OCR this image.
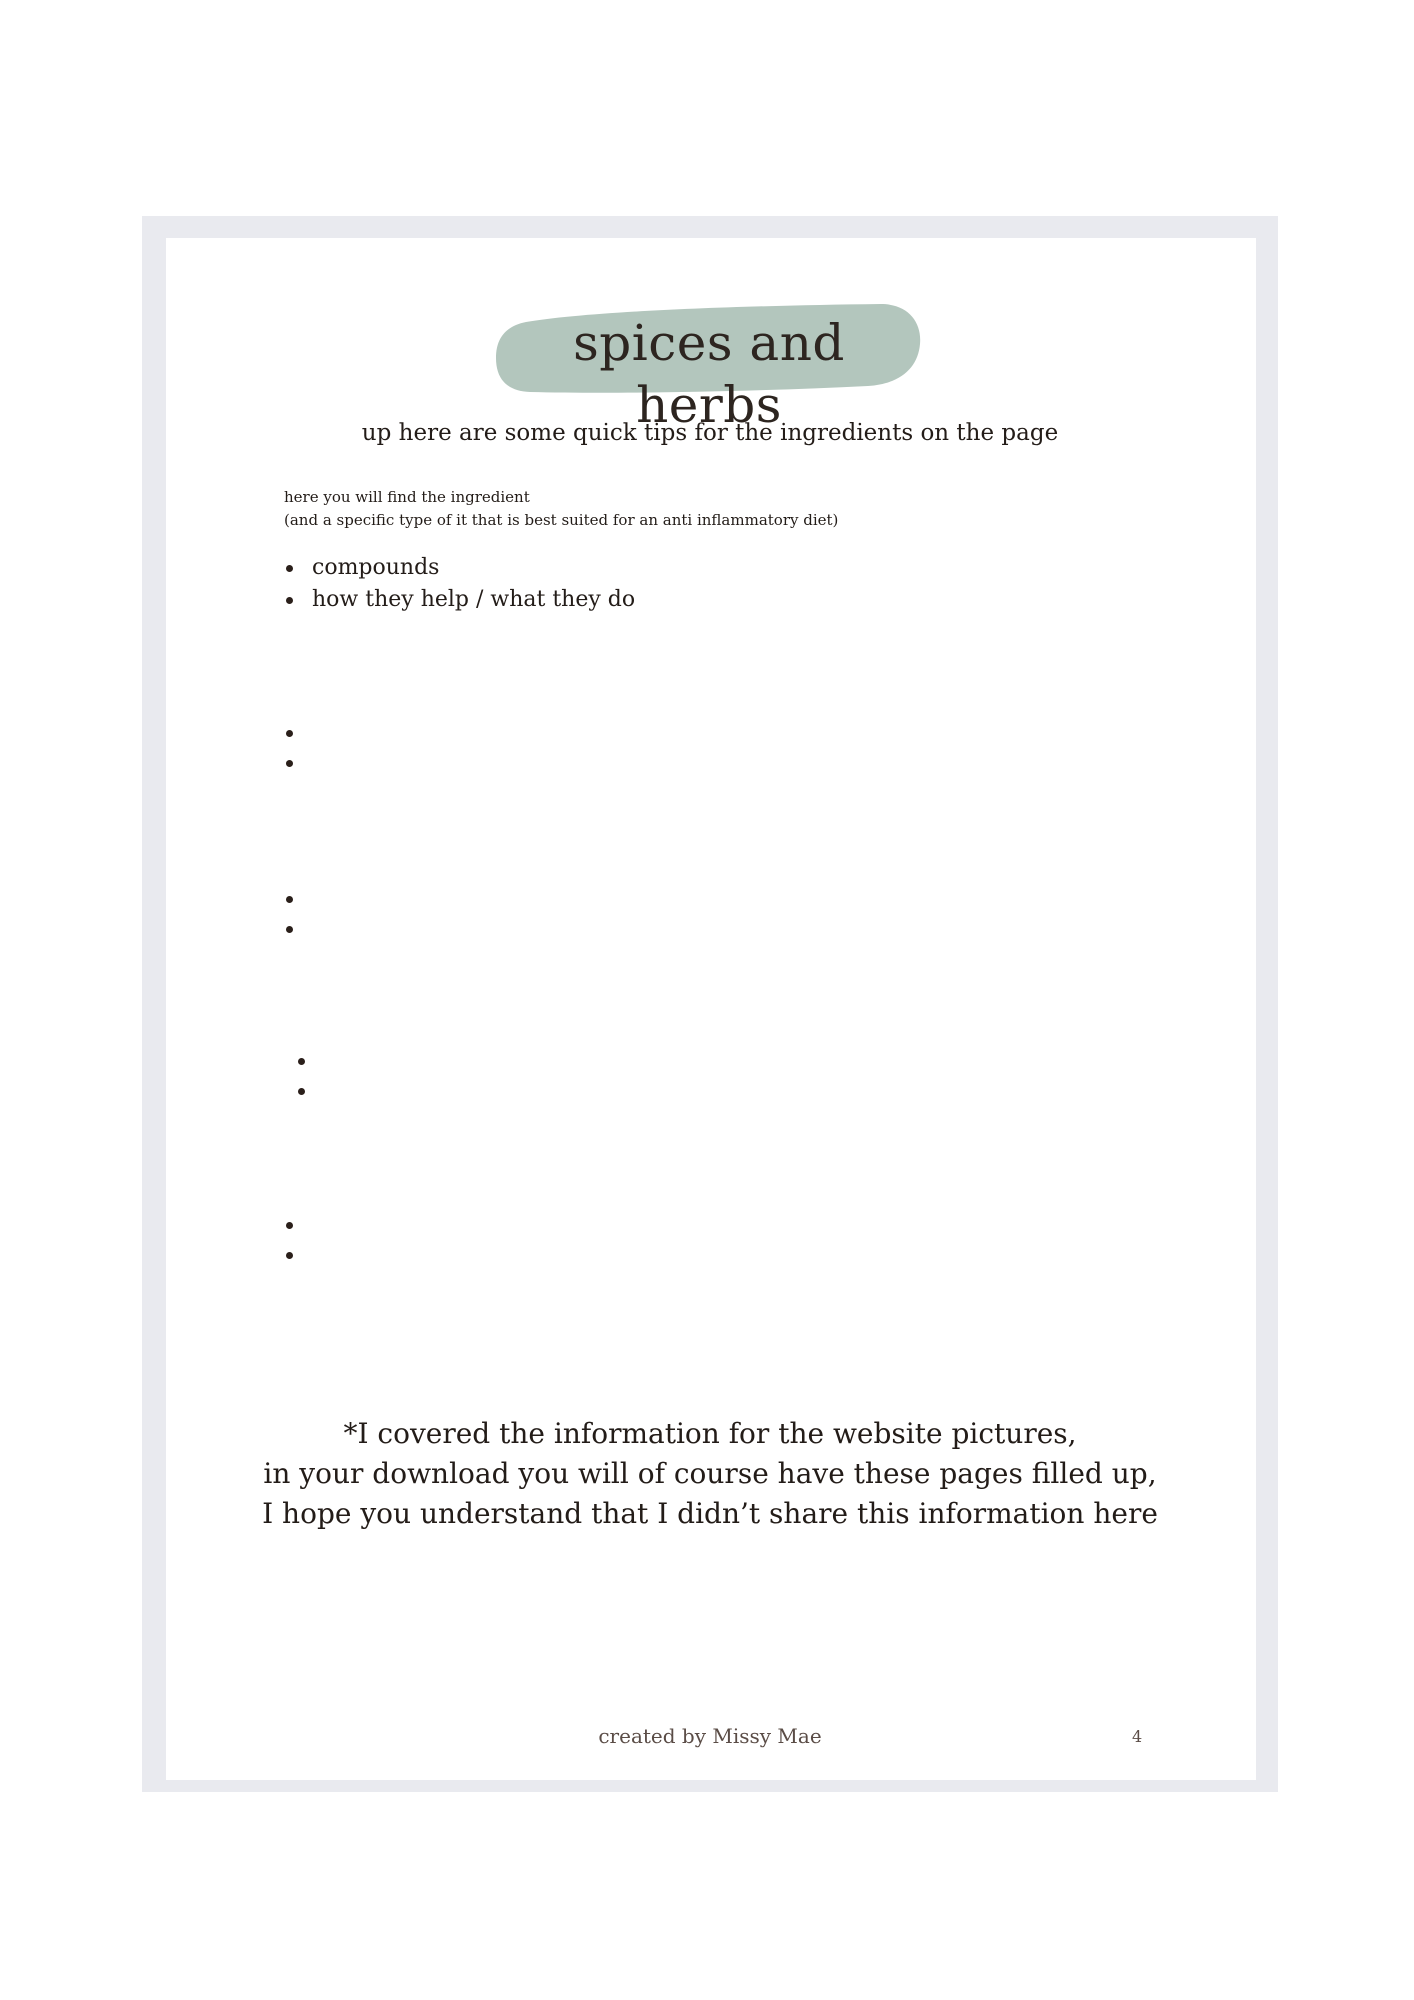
spices and herbs
up here are some quick tips for the ingredients on the page
here you will find the ingredient
(and a specific type of it that is best suited for an anti inflammatory diet)
compounds
how they help / what they do
*I covered the information for the website pictures,
in your download you will of course have these pages filled up,
I hope you understand that I didn’t share this information here
created by Missy Mae	4
